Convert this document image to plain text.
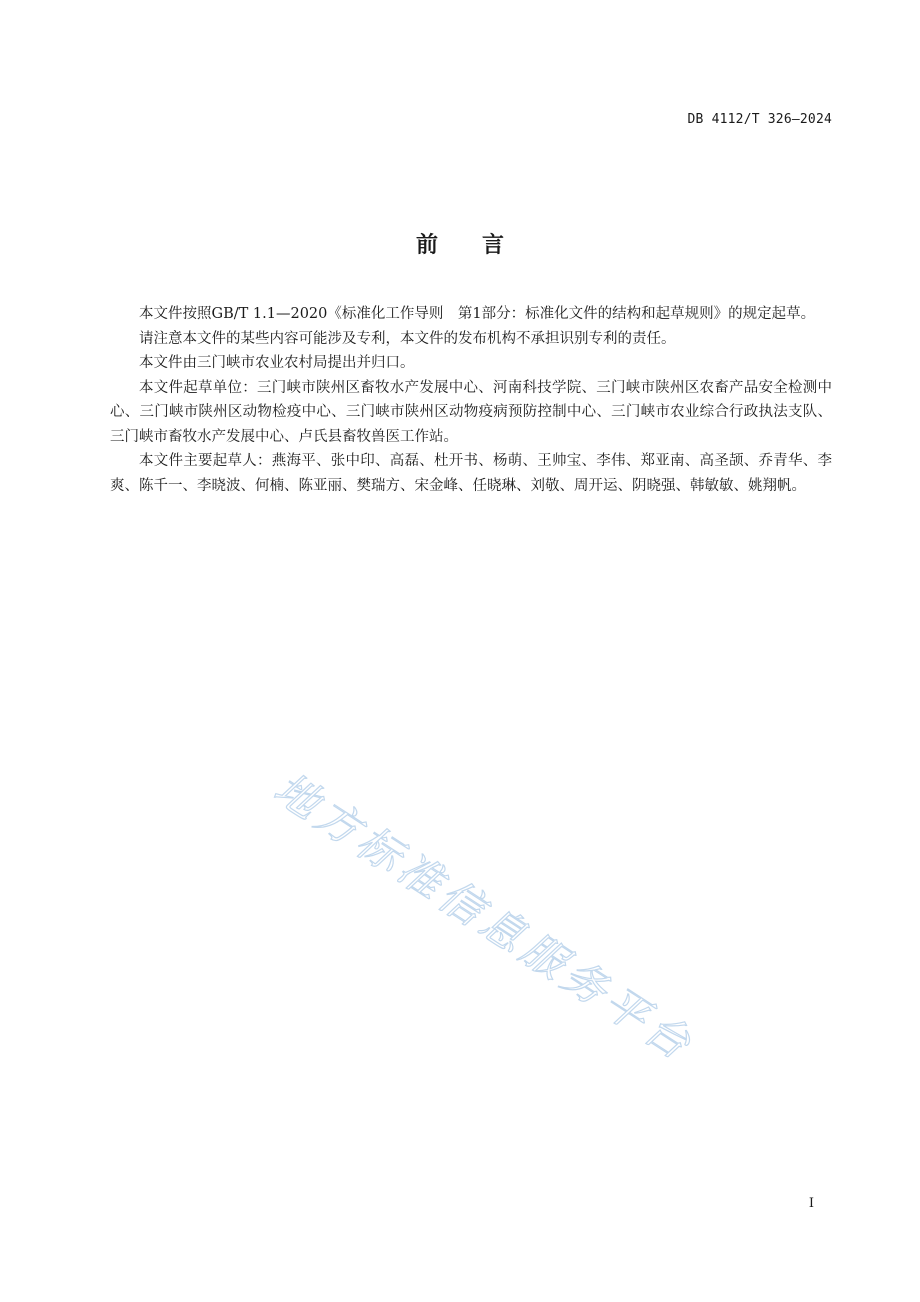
DB 4112/T 326—2024
前言

本文件按照GB/T 1.1—2020《标准化工作导则　第1部分：标准化文件的结构和起草规则》的规定起草。

请注意本文件的某些内容可能涉及专利，本文件的发布机构不承担识别专利的责任。

本文件由三门峡市农业农村局提出并归口。

本文件起草单位：三门峡市陕州区畜牧水产发展中心、河南科技学院、三门峡市陕州区农畜产品安全检测中心、三门峡市陕州区动物检疫中心、三门峡市陕州区动物疫病预防控制中心、三门峡市农业综合行政执法支队、三门峡市畜牧水产发展中心、卢氏县畜牧兽医工作站。

本文件主要起草人：燕海平、张中印、高磊、杜开书、杨萌、王帅宝、李伟、郑亚南、高圣颉、乔青华、李爽、陈千一、李晓波、何楠、陈亚丽、樊瑞方、宋金峰、任晓琳、刘敬、周开运、阴晓强、韩敏敏、姚翔帆。

地方标准信息服务平台
I
